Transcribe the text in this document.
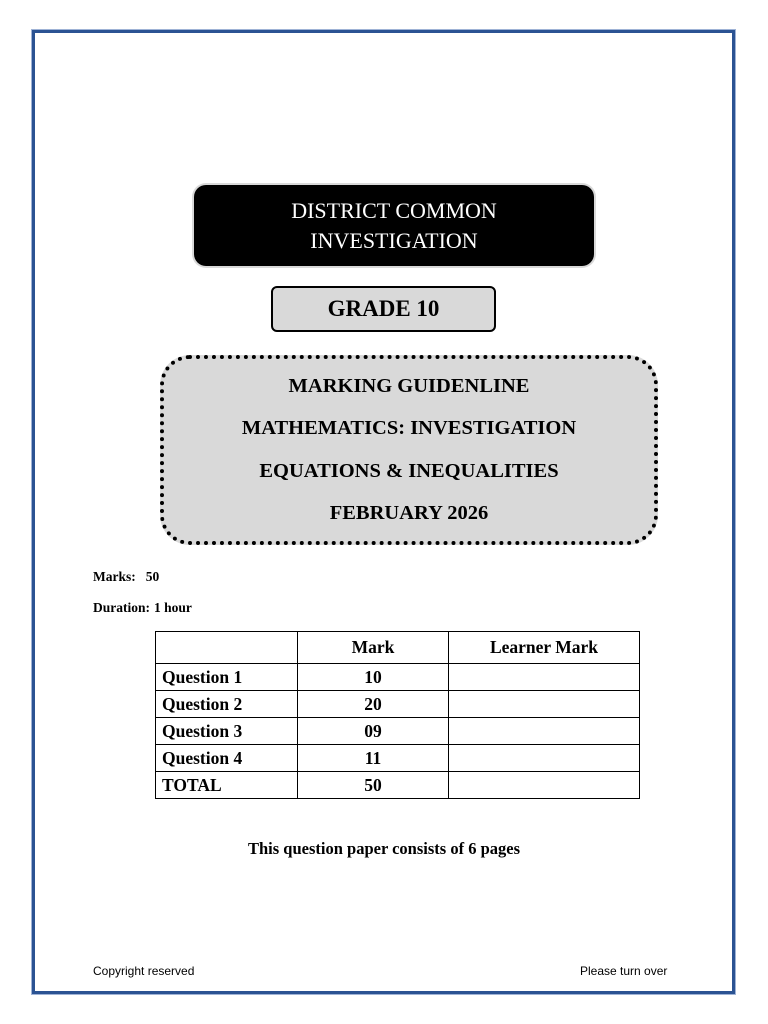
DISTRICT COMMON
INVESTIGATION
GRADE 10
MARKING GUIDENLINE
MATHEMATICS: INVESTIGATION
EQUATIONS & INEQUALITIES
FEBRUARY 2026
Marks: 50
Duration: 1 hour
	Mark	Learner Mark
Question 1	10	
Question 2	20	
Question 3	09	
Question 4	11	
TOTAL	50	
This question paper consists of 6 pages
Copyright reserved	Please turn over
